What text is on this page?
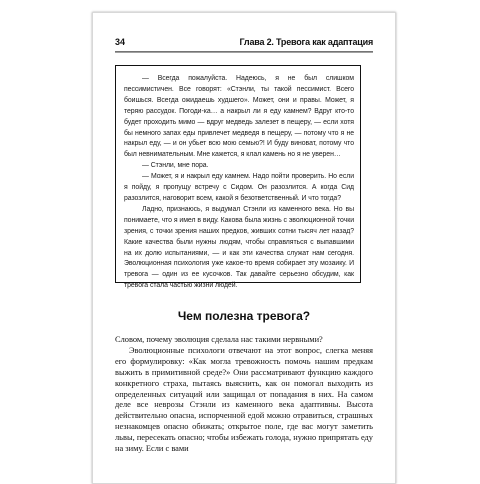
34	Глава 2. Тревога как адаптация

— Всегда пожалуйста. Надеюсь, я не был слишком пессимистичен. Все говорят: «Стэнли, ты такой пессимист. Всего боишься. Всегда ожидаешь худшего». Может, они и правы. Может, я теряю рассудок. Погоди-ка… а накрыл ли я еду камнем? Вдруг кто-то будет проходить мимо — вдруг медведь залезет в пещеру, — если хотя бы немного запах еды привлечет медведя в пещеру, — потому что я не накрыл еду, — и он убьет всю мою семью?! И буду виноват, потому что был невнимательным. Мне кажется, я клал камень но я не уверен…

— Стэнли, мне пора.

— Может, я и накрыл еду камнем. Надо пойти проверить. Но если я пойду, я пропущу встречу с Сидом. Он разозлится. А когда Сид разозлится, наговорит всем, какой я безответственный. И что тогда?

Ладно, признаюсь, я выдумал Стэнли из каменного века. Но вы понимаете, что я имел в виду. Какова была жизнь с эволюционной точки зрения, с точки зрения наших предков, живших сотни тысяч лет назад? Какие качества были нужны людям, чтобы справляться с выпавшими на их долю испытаниями, — и как эти качества служат нам сегодня. Эволюционная психология уже какое-то время собирает эту мозаику. И тревога — один из ее кусочков. Так давайте серьезно обсудим, как тревога стала частью жизни людей.

Чем полезна тревога?

Словом, почему эволюция сделала нас такими нервными?

Эволюционные психологи отвечают на этот вопрос, слегка меняя его формулировку: «Как могла тревожность помочь нашим предкам выжить в примитивной среде?» Они рассматривают функцию каждого конкретного страха, пытаясь выяснить, как он помогал выходить из определенных ситуаций или защищал от попадания в них. На самом деле все неврозы Стэнли из каменного века адаптивны. Высота действительно опасна, испорченной едой можно отравиться, страшных незнакомцев опасно обижать; открытое поле, где вас могут заметить львы, пересекать опасно; чтобы избежать голода, нужно припрятать еду на зиму. Если с вами
